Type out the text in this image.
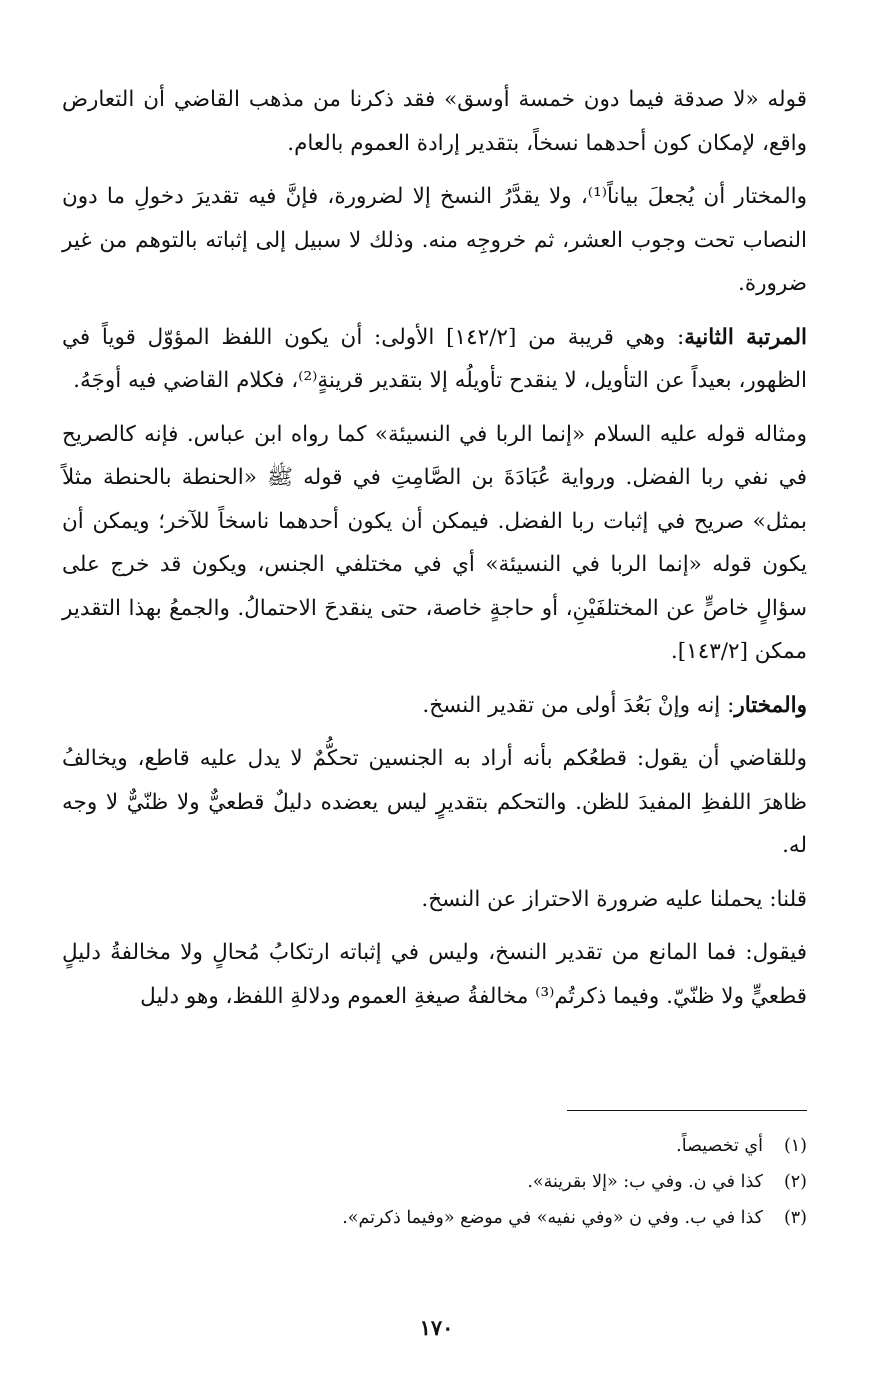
قوله «لا صدقة فيما دون خمسة أوسق» فقد ذكرنا من مذهب القاضي أن التعارض واقع، لإمكان كون أحدهما نسخاً، بتقدير إرادة العموم بالعام.

والمختار أن يُجعلَ بياناً⁽¹⁾، ولا يقدَّرُ النسخ إلا لضرورة، فإنَّ فيه تقديرَ دخولِ ما دون النصاب تحت وجوب العشر، ثم خروجِه منه. وذلك لا سبيل إلى إثباته بالتوهم من غير ضرورة.

المرتبة الثانية: وهي قريبة من [١٤٢/٢] الأولى: أن يكون اللفظ المؤوّل قوياً في الظهور، بعيداً عن التأويل، لا ينقدح تأويلُه إلا بتقدير قرينةٍ⁽²⁾، فكلام القاضي فيه أوجَهُ.

ومثاله قوله عليه السلام «إنما الربا في النسيئة» كما رواه ابن عباس. فإنه كالصريح في نفي ربا الفضل. ورواية عُبَادَةَ بن الصَّامِتِ في قوله ﷺ «الحنطة بالحنطة مثلاً بمثل» صريح في إثبات ربا الفضل. فيمكن أن يكون أحدهما ناسخاً للآخر؛ ويمكن أن يكون قوله «إنما الربا في النسيئة» أي في مختلفي الجنس، ويكون قد خرج على سؤالٍ خاصٍّ عن المختلفَيْنِ، أو حاجةٍ خاصة، حتى ينقدحَ الاحتمالُ. والجمعُ بهذا التقدير ممكن [١٤٣/٢].

والمختار: إنه وإنْ بَعُدَ أولى من تقدير النسخ.

وللقاضي أن يقول: قطعُكم بأنه أراد به الجنسين تحكُّمٌ لا يدل عليه قاطع، ويخالفُ ظاهرَ اللفظِ المفيدَ للظن. والتحكم بتقديرٍ ليس يعضده دليلٌ قطعيٌّ ولا ظنّيٌّ لا وجه له.

قلنا: يحملنا عليه ضرورة الاحتراز عن النسخ.

فيقول: فما المانع من تقدير النسخ، وليس في إثباته ارتكابُ مُحالٍ ولا مخالفةُ دليلٍ قطعيٍّ ولا ظنّيّ. وفيما ذكرتُم⁽³⁾ مخالفةُ صيغةِ العموم ودلالةِ اللفظ، وهو دليل

(١)أي تخصيصاً.

(٢)كذا في ن. وفي ب: «إلا بقرينة».

(٣)كذا في ب. وفي ن «وفي نفيه» في موضع «وفيما ذكرتم».

١٧٠
